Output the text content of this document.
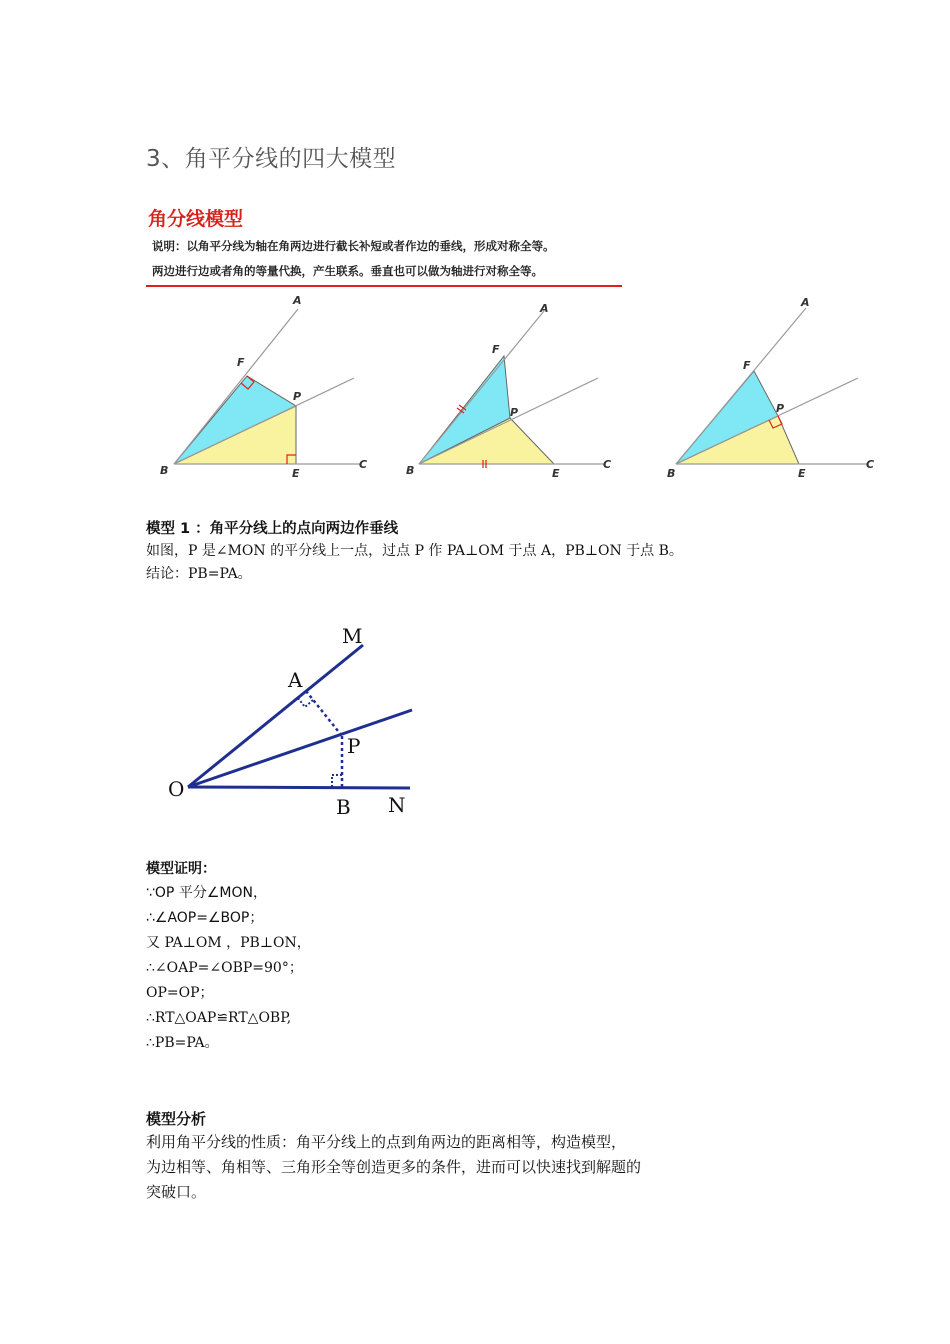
3、角平分线的四大模型
角分线模型
说明：以角平分线为轴在角两边进行截长补短或者作边的垂线，形成对称全等。
两边进行边或者角的等量代换，产生联系。垂直也可以做为轴进行对称全等。
A
F
P
B	E
C
A
F
P
B	E
C
A
F
P
B	E
C
模型 1 ：角平分线上的点向两边作垂线
如图，P 是∠MON 的平分线上一点，过点 P 作 PA⊥OM 于点 A，PB⊥ON 于点 B。
结论：PB=PA。
M
A
P
O
B N
模型证明：
∵OP 平分∠MON，
∴∠AOP=∠BOP；
又 PA⊥OM ，PB⊥ON，
∴∠OAP=∠OBP=90°；
OP=OP；
∴RT△OAP≌RT△OBP,
∴PB=PA。
模型分析
利用角平分线的性质：角平分线上的点到角两边的距离相等，构造模型，
为边相等、角相等、三角形全等创造更多的条件，进而可以快速找到解题的
突破口。
